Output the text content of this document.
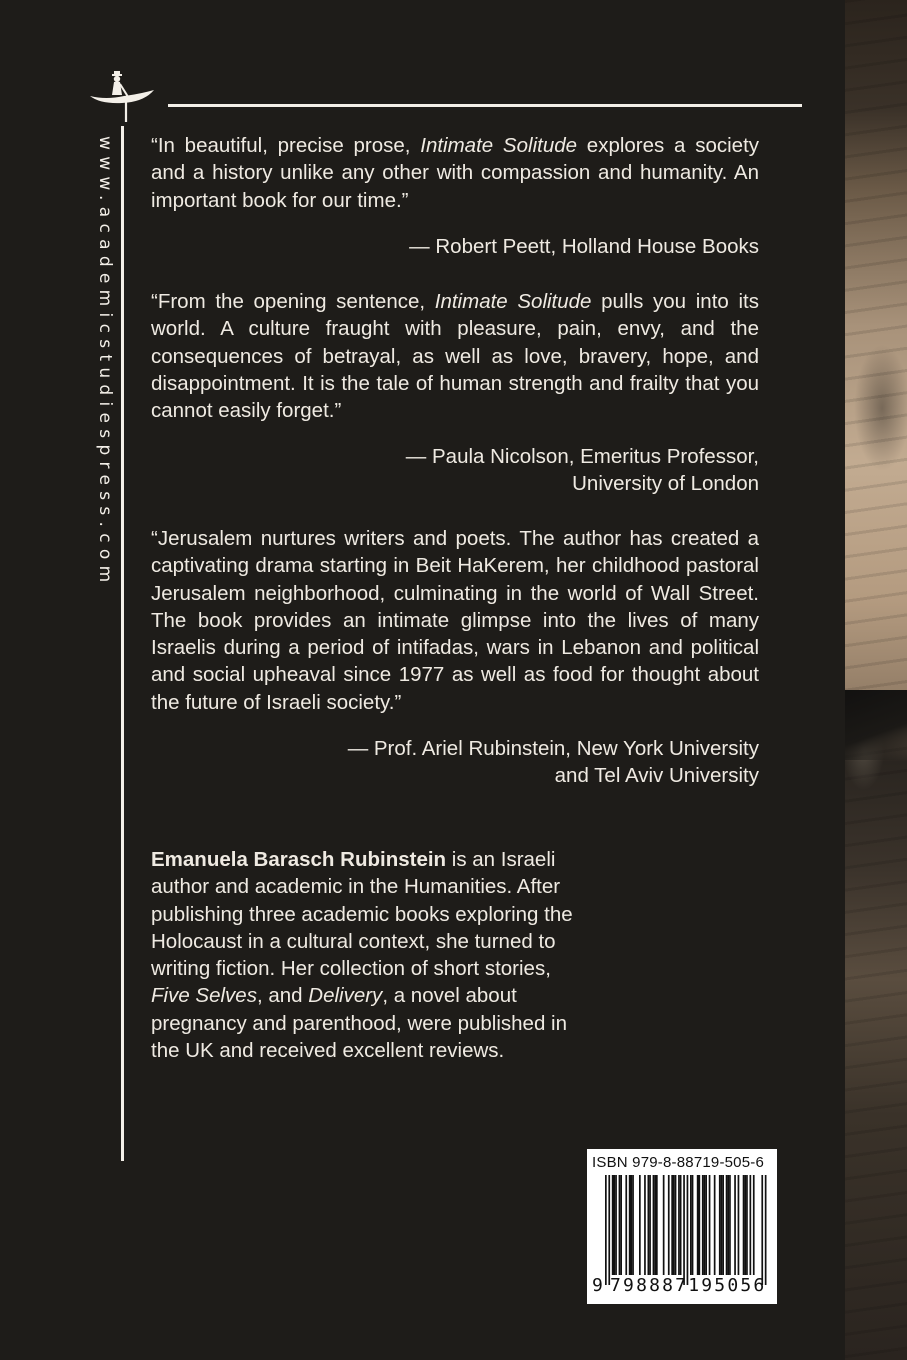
www.academicstudiespress.com “In beautiful, precise prose, Intimate Solitude explores a society and a history unlike any other with compassion and humanity. An important book for our time.”

— Robert Peett, Holland House Books

“From the opening sentence, Intimate Solitude pulls you into its world. A culture fraught with pleasure, pain, envy, and the consequences of betrayal, as well as love, bravery, hope, and disappointment. It is the tale of human strength and frailty that you cannot easily forget.”

— Paula Nicolson, Emeritus Professor,
University of London

“Jerusalem nurtures writers and poets. The author has created a captivating drama starting in Beit HaKerem, her childhood pastoral Jerusalem neighborhood, culminating in the world of Wall Street. The book provides an intimate glimpse into the lives of many Israelis during a period of intifadas, wars in Lebanon and political and social upheaval since 1977 as well as food for thought about the future of Israeli society.”

— Prof. Ariel Rubinstein, New York University
and Tel Aviv University

Emanuela Barasch Rubinstein is an Israeli author and academic in the Humanities. After publishing three academic books exploring the Holocaust in a cultural context, she turned to writing fiction. Her collection of short stories, Five Selves, and Delivery, a novel about pregnancy and parenthood, were published in the UK and received excellent reviews.

ISBN 979-8-88719-505-6
9 798887195056
